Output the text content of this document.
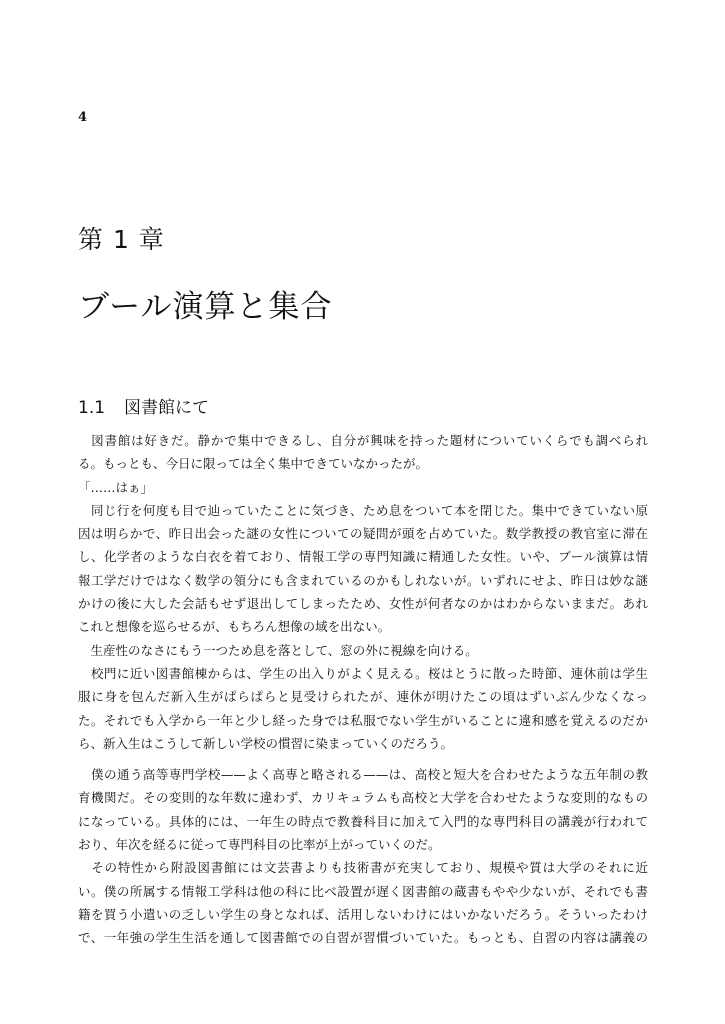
4
第 1 章
ブール演算と集合
1.1 図書館にて
　図書館は好きだ。静かで集中できるし、自分が興味を持った題材についていくらでも調べられ
る。もっとも、今日に限っては全く集中できていなかったが。
「……はぁ」
　同じ行を何度も目で辿っていたことに気づき、ため息をついて本を閉じた。集中できていない原
因は明らかで、昨日出会った謎の女性についての疑問が頭を占めていた。数学教授の教官室に滞在
し、化学者のような白衣を着ており、情報工学の専門知識に精通した女性。いや、ブール演算は情
報工学だけではなく数学の領分にも含まれているのかもしれないが。いずれにせよ、昨日は妙な謎
かけの後に大した会話もせず退出してしまったため、女性が何者なのかはわからないままだ。あれ
これと想像を巡らせるが、もちろん想像の域を出ない。
　生産性のなさにもう一つため息を落として、窓の外に視線を向ける。
　校門に近い図書館棟からは、学生の出入りがよく見える。桜はとうに散った時節、連休前は学生
服に身を包んだ新入生がぱらぱらと見受けられたが、連休が明けたこの頃はずいぶん少なくなっ
た。それでも入学から一年と少し経った身では私服でない学生がいることに違和感を覚えるのだか
ら、新入生はこうして新しい学校の慣習に染まっていくのだろう。
　僕の通う高等専門学校——よく高専と略される——は、高校と短大を合わせたような五年制の教
育機関だ。その変則的な年数に違わず、カリキュラムも高校と大学を合わせたような変則的なもの
になっている。具体的には、一年生の時点で教養科目に加えて入門的な専門科目の講義が行われて
おり、年次を経るに従って専門科目の比率が上がっていくのだ。
　その特性から附設図書館には文芸書よりも技術書が充実しており、規模や質は大学のそれに近
い。僕の所属する情報工学科は他の科に比べ設置が遅く図書館の蔵書もやや少ないが、それでも書
籍を買う小遣いの乏しい学生の身となれば、活用しないわけにはいかないだろう。そういったわけ
で、一年強の学生生活を通して図書館での自習が習慣づいていた。もっとも、自習の内容は講義の
